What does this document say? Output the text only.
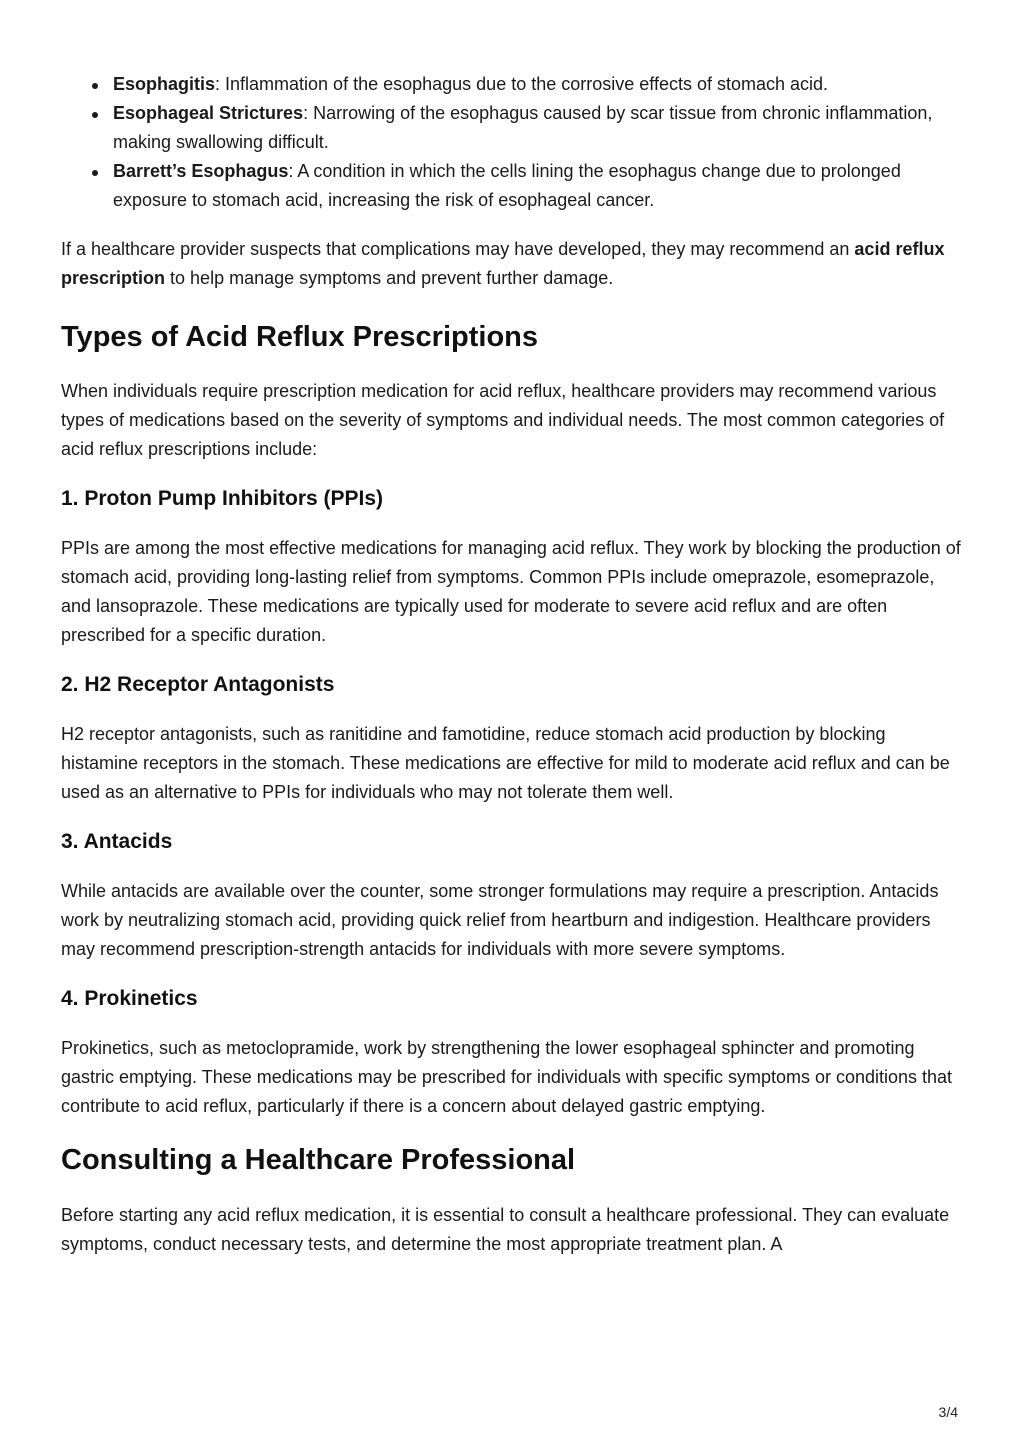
Esophagitis: Inflammation of the esophagus due to the corrosive effects of stomach acid.
Esophageal Strictures: Narrowing of the esophagus caused by scar tissue from chronic inflammation, making swallowing difficult.
Barrett’s Esophagus: A condition in which the cells lining the esophagus change due to prolonged exposure to stomach acid, increasing the risk of esophageal cancer.

If a healthcare provider suspects that complications may have developed, they may recommend an acid reflux prescription to help manage symptoms and prevent further damage.

Types of Acid Reflux Prescriptions

When individuals require prescription medication for acid reflux, healthcare providers may recommend various types of medications based on the severity of symptoms and individual needs. The most common categories of acid reflux prescriptions include:

1. Proton Pump Inhibitors (PPIs)

PPIs are among the most effective medications for managing acid reflux. They work by blocking the production of stomach acid, providing long-lasting relief from symptoms. Common PPIs include omeprazole, esomeprazole, and lansoprazole. These medications are typically used for moderate to severe acid reflux and are often prescribed for a specific duration.

2. H2 Receptor Antagonists

H2 receptor antagonists, such as ranitidine and famotidine, reduce stomach acid production by blocking histamine receptors in the stomach. These medications are effective for mild to moderate acid reflux and can be used as an alternative to PPIs for individuals who may not tolerate them well.

3. Antacids

While antacids are available over the counter, some stronger formulations may require a prescription. Antacids work by neutralizing stomach acid, providing quick relief from heartburn and indigestion. Healthcare providers may recommend prescription-strength antacids for individuals with more severe symptoms.

4. Prokinetics

Prokinetics, such as metoclopramide, work by strengthening the lower esophageal sphincter and promoting gastric emptying. These medications may be prescribed for individuals with specific symptoms or conditions that contribute to acid reflux, particularly if there is a concern about delayed gastric emptying.

Consulting a Healthcare Professional

Before starting any acid reflux medication, it is essential to consult a healthcare professional. They can evaluate symptoms, conduct necessary tests, and determine the most appropriate treatment plan. A

3/4
